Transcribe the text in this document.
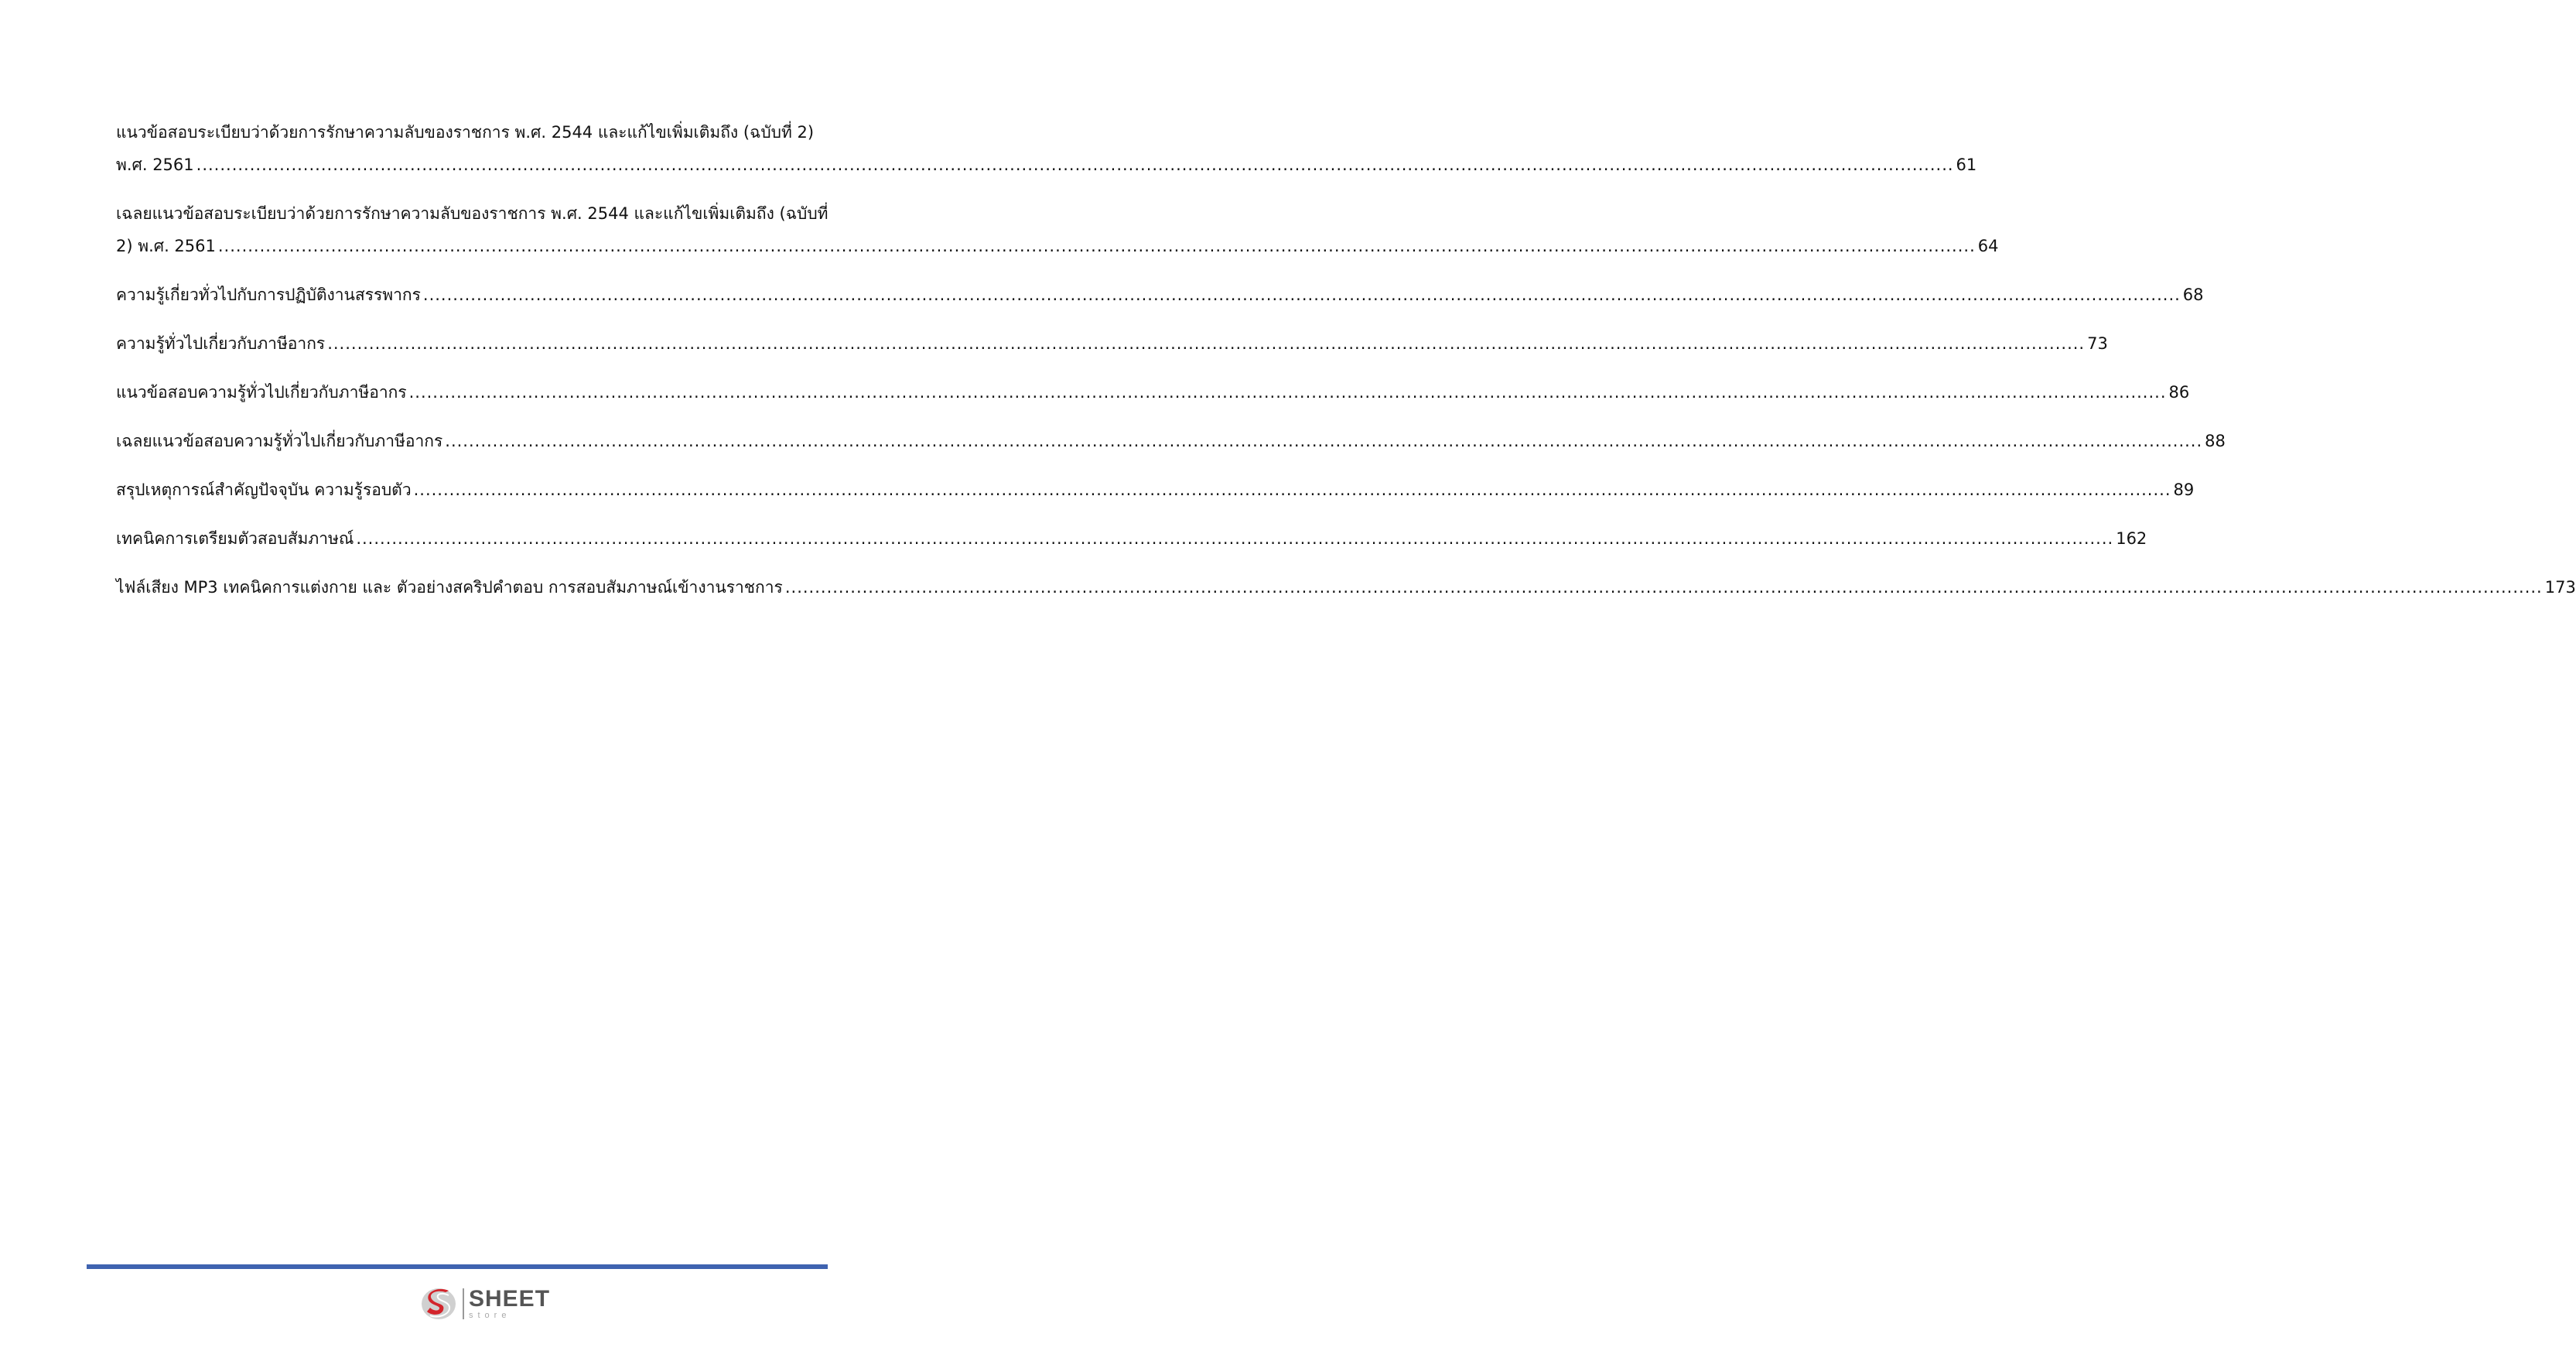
แนวข้อสอบระเบียบว่าด้วยการรักษาความลับของราชการ พ.ศ. 2544 และแก้ไขเพิ่มเติมถึง (ฉบับที่ 2)
พ.ศ. 2561 .....	61
เฉลยแนวข้อสอบระเบียบว่าด้วยการรักษาความลับของราชการ พ.ศ. 2544 และแก้ไขเพิ่มเติมถึง (ฉบับที่
2) พ.ศ. 2561 .....	64
ความรู้เกี่ยวทั่วไปกับการปฏิบัติงานสรรพากร .....	68
ความรู้ทั่วไปเกี่ยวกับภาษีอากร .....	73
แนวข้อสอบความรู้ทั่วไปเกี่ยวกับภาษีอากร .....	86
เฉลยแนวข้อสอบความรู้ทั่วไปเกี่ยวกับภาษีอากร .....	88
สรุปเหตุการณ์สำคัญปัจจุบัน ความรู้รอบตัว .....	89
เทคนิคการเตรียมตัวสอบสัมภาษณ์ .....	162
ไฟล์เสียง MP3 เทคนิคการแต่งกาย และ ตัวอย่างสคริปคำตอบ การสอบสัมภาษณ์เข้างานราชการ .....	173
SHEET
store
